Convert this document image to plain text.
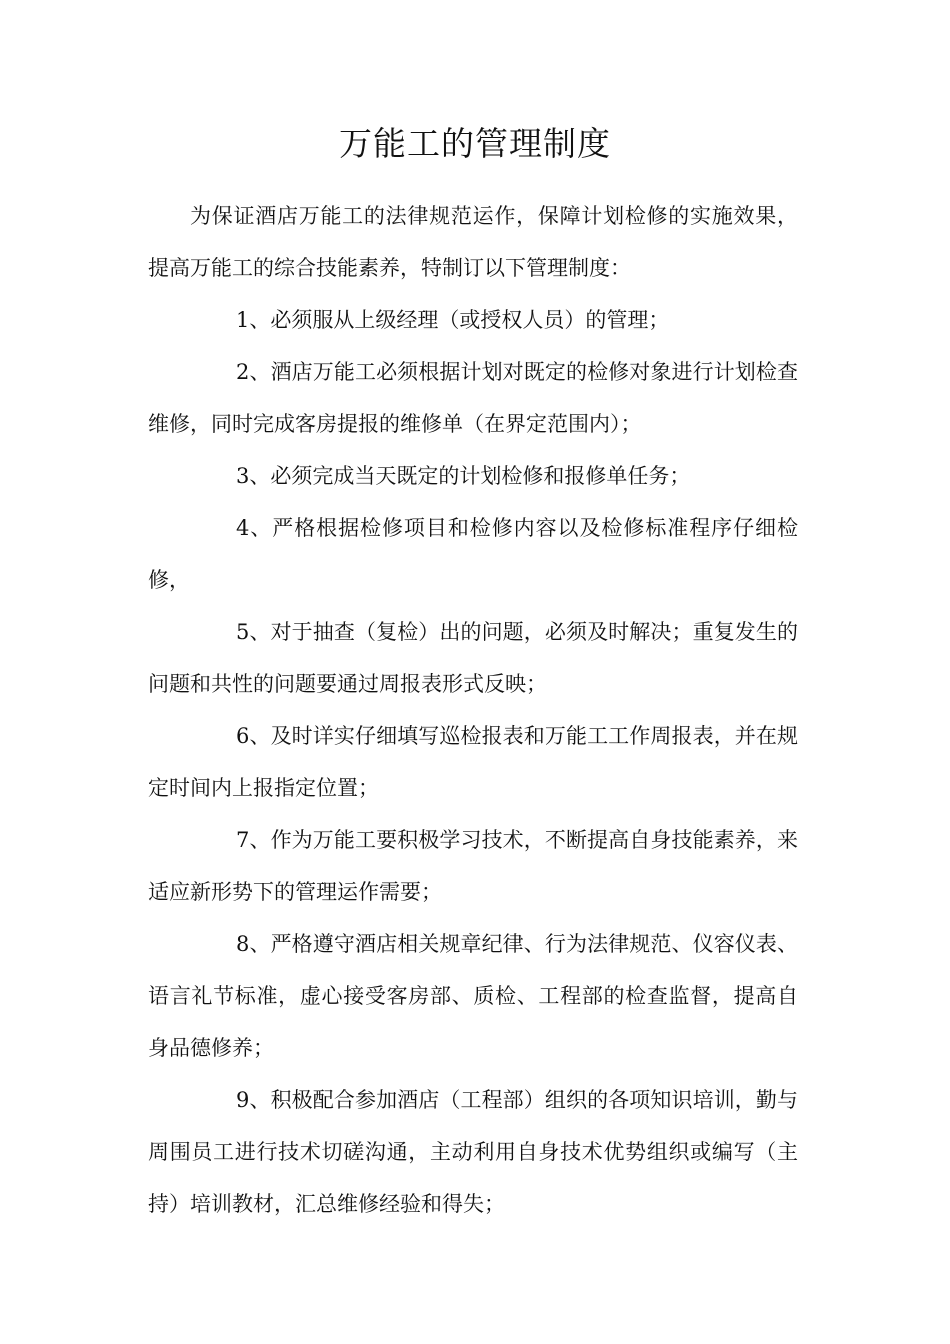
万能工的管理制度

为保证酒店万能工的法律规范运作，保障计划检修的实施效果，提高万能工的综合技能素养，特制订以下管理制度：

1、必须服从上级经理（或授权人员）的管理；

2、酒店万能工必须根据计划对既定的检修对象进行计划检查维修，同时完成客房提报的维修单（在界定范围内）；

3、必须完成当天既定的计划检修和报修单任务；

4、严格根据检修项目和检修内容以及检修标准程序仔细检修，

5、对于抽查（复检）出的问题，必须及时解决；重复发生的问题和共性的问题要通过周报表形式反映；

6、及时详实仔细填写巡检报表和万能工工作周报表，并在规定时间内上报指定位置；

7、作为万能工要积极学习技术，不断提高自身技能素养，来适应新形势下的管理运作需要；

8、严格遵守酒店相关规章纪律、行为法律规范、仪容仪表、语言礼节标准，虚心接受客房部、质检、工程部的检查监督，提高自身品德修养；

9、积极配合参加酒店（工程部）组织的各项知识培训，勤与周围员工进行技术切磋沟通，主动利用自身技术优势组织或编写（主持）培训教材，汇总维修经验和得失；
